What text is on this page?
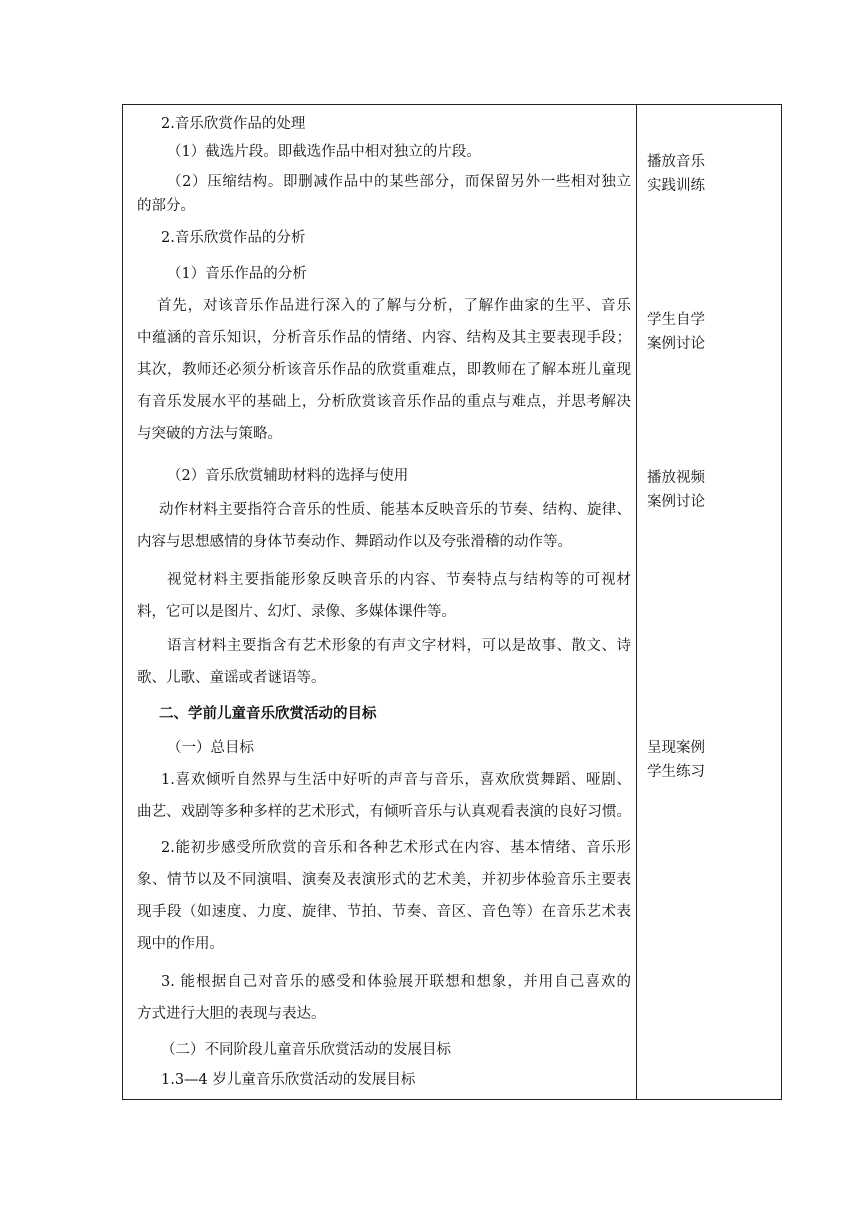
2.音乐欣赏作品的处理
（1）截选片段。即截选作品中相对独立的片段。
（2）压缩结构。即删减作品中的某些部分，而保留另外一些相对独立
的部分。
2.音乐欣赏作品的分析
（1）音乐作品的分析
首先，对该音乐作品进行深入的了解与分析，了解作曲家的生平、音乐
中蕴涵的音乐知识，分析音乐作品的情绪、内容、结构及其主要表现手段；
其次，教师还必须分析该音乐作品的欣赏重难点，即教师在了解本班儿童现
有音乐发展水平的基础上，分析欣赏该音乐作品的重点与难点，并思考解决
与突破的方法与策略。
（2）音乐欣赏辅助材料的选择与使用
动作材料主要指符合音乐的性质、能基本反映音乐的节奏、结构、旋律、
内容与思想感情的身体节奏动作、舞蹈动作以及夸张滑稽的动作等。
视觉材料主要指能形象反映音乐的内容、节奏特点与结构等的可视材
料，它可以是图片、幻灯、录像、多媒体课件等。
语言材料主要指含有艺术形象的有声文字材料，可以是故事、散文、诗
歌、儿歌、童谣或者谜语等。
二、学前儿童音乐欣赏活动的目标
（一）总目标
1.喜欢倾听自然界与生活中好听的声音与音乐，喜欢欣赏舞蹈、哑剧、
曲艺、戏剧等多种多样的艺术形式，有倾听音乐与认真观看表演的良好习惯。
2.能初步感受所欣赏的音乐和各种艺术形式在内容、基本情绪、音乐形
象、情节以及不同演唱、演奏及表演形式的艺术美，并初步体验音乐主要表
现手段（如速度、力度、旋律、节拍、节奏、音区、音色等）在音乐艺术表
现中的作用。
3. 能根据自己对音乐的感受和体验展开联想和想象，并用自己喜欢的
方式进行大胆的表现与表达。
（二）不同阶段儿童音乐欣赏活动的发展目标
1.3—4 岁儿童音乐欣赏活动的发展目标
播放音乐
实践训练
学生自学
案例讨论
播放视频
案例讨论
呈现案例
学生练习
